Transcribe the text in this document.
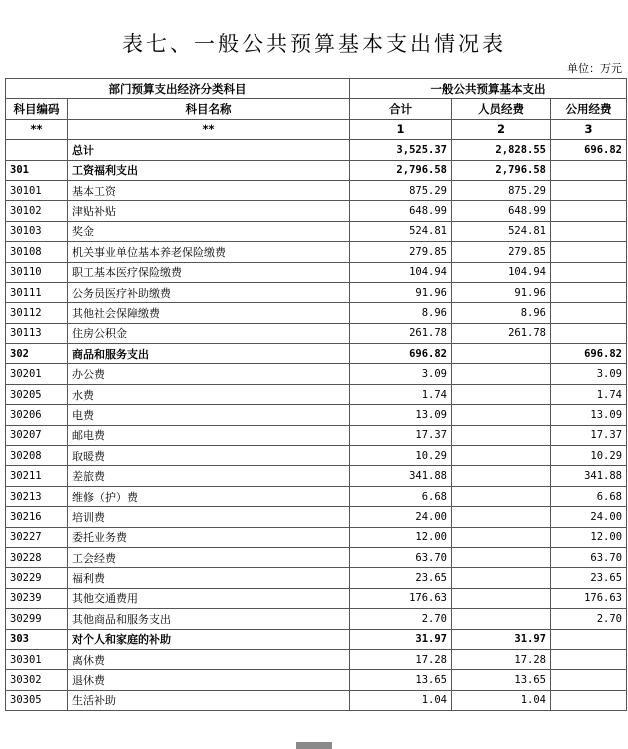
表七、一般公共预算基本支出情况表
单位：万元
部门预算支出经济分类科目		一般公共预算基本支出		
科目编码	科目名称	合计	人员经费	公用经费
**	**	1	2	3
	总计	3,525.37	2,828.55	696.82
301	工资福利支出	2,796.58	2,796.58	
30101	基本工资	875.29	875.29	
30102	津贴补贴	648.99	648.99	
30103	奖金	524.81	524.81	
30108	机关事业单位基本养老保险缴费	279.85	279.85	
30110	职工基本医疗保险缴费	104.94	104.94	
30111	公务员医疗补助缴费	91.96	91.96	
30112	其他社会保障缴费	8.96	8.96	
30113	住房公积金	261.78	261.78	
302	商品和服务支出	696.82		696.82
30201	办公费	3.09		3.09
30205	水费	1.74		1.74
30206	电费	13.09		13.09
30207	邮电费	17.37		17.37
30208	取暖费	10.29		10.29
30211	差旅费	341.88		341.88
30213	维修（护）费	6.68		6.68
30216	培训费	24.00		24.00
30227	委托业务费	12.00		12.00
30228	工会经费	63.70		63.70
30229	福利费	23.65		23.65
30239	其他交通费用	176.63		176.63
30299	其他商品和服务支出	2.70		2.70
303	对个人和家庭的补助	31.97	31.97	
30301	离休费	17.28	17.28	
30302	退休费	13.65	13.65	
30305	生活补助	1.04	1.04	
